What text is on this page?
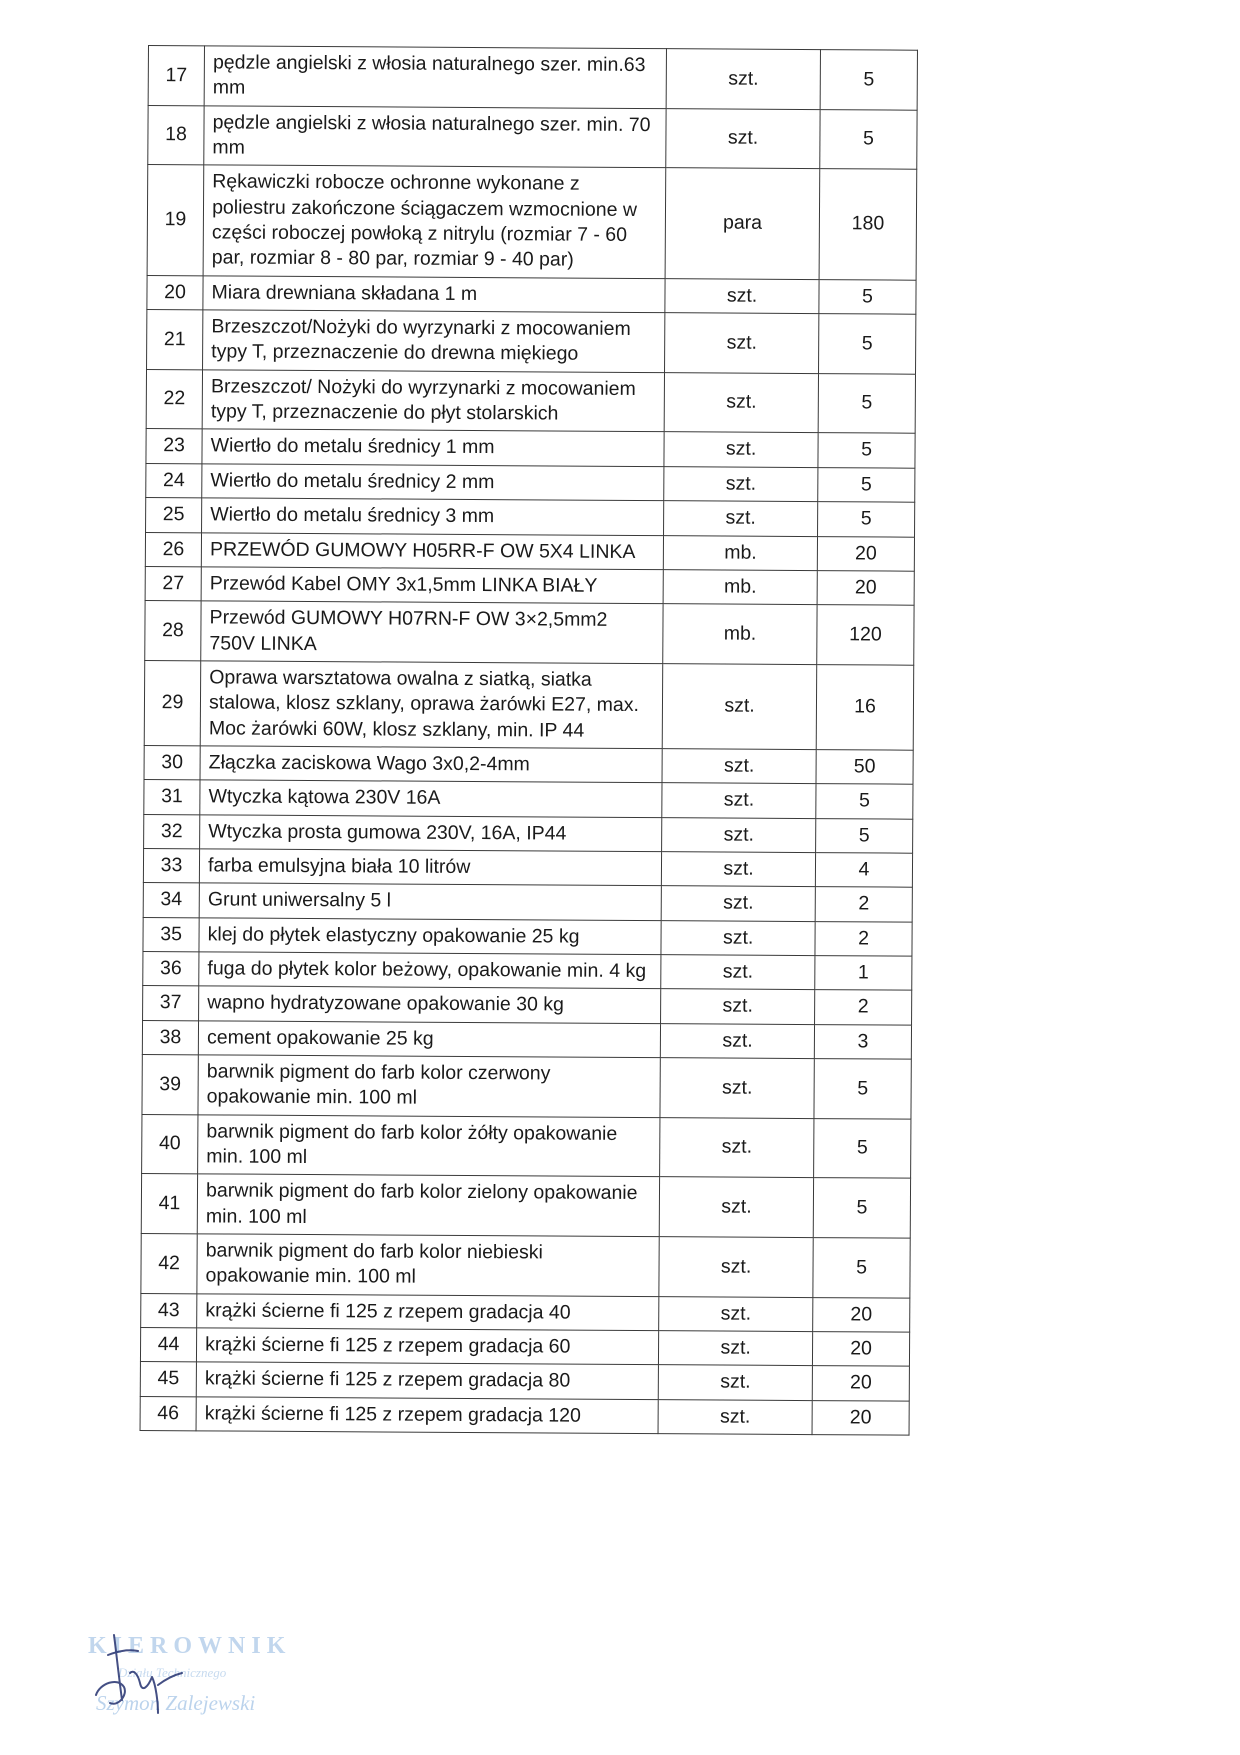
17	pędzle angielski z włosia naturalnego szer. min.63 mm	szt.	5
18	pędzle angielski z włosia naturalnego szer. min. 70 mm	szt.	5
19	Rękawiczki robocze ochronne wykonane z poliestru zakończone ściągaczem wzmocnione w części roboczej powłoką z nitrylu (rozmiar 7 - 60 par, rozmiar 8 - 80 par, rozmiar 9 - 40 par)	para	180
20	Miara drewniana składana 1 m	szt.	5
21	Brzeszczot/Nożyki do wyrzynarki z mocowaniem typy T, przeznaczenie do drewna miękiego	szt.	5
22	Brzeszczot/ Nożyki do wyrzynarki z mocowaniem typy T, przeznaczenie do płyt stolarskich	szt.	5
23	Wiertło do metalu średnicy 1 mm	szt.	5
24	Wiertło do metalu średnicy 2 mm	szt.	5
25	Wiertło do metalu średnicy 3 mm	szt.	5
26	PRZEWÓD GUMOWY H05RR-F OW 5X4 LINKA	mb.	20
27	Przewód Kabel OMY 3x1,5mm LINKA BIAŁY	mb.	20
28	Przewód GUMOWY H07RN-F OW 3×2,5mm2 750V LINKA	mb.	120
29	Oprawa warsztatowa owalna z siatką, siatka stalowa, klosz szklany, oprawa żarówki E27, max. Moc żarówki 60W, klosz szklany, min. IP 44	szt.	16
30	Złączka zaciskowa Wago 3x0,2-4mm	szt.	50
31	Wtyczka kątowa 230V 16A	szt.	5
32	Wtyczka prosta gumowa 230V, 16A, IP44	szt.	5
33	farba emulsyjna biała 10 litrów	szt.	4
34	Grunt uniwersalny 5 l	szt.	2
35	klej do płytek elastyczny opakowanie 25 kg	szt.	2
36	fuga do płytek kolor beżowy, opakowanie min. 4 kg	szt.	1
37	wapno hydratyzowane opakowanie 30 kg	szt.	2
38	cement opakowanie 25 kg	szt.	3
39	barwnik pigment do farb kolor czerwony opakowanie min. 100 ml	szt.	5
40	barwnik pigment do farb kolor żółty opakowanie min. 100 ml	szt.	5
41	barwnik pigment do farb kolor zielony opakowanie min. 100 ml	szt.	5
42	barwnik pigment do farb kolor niebieski opakowanie min. 100 ml	szt.	5
43	krążki ścierne fi 125 z rzepem gradacja 40	szt.	20
44	krążki ścierne fi 125 z rzepem gradacja 60	szt.	20
45	krążki ścierne fi 125 z rzepem gradacja 80	szt.	20
46	krążki ścierne fi 125 z rzepem gradacja 120	szt.	20
KIEROWNIK
Działu Technicznego
Szymon Zalejewski
